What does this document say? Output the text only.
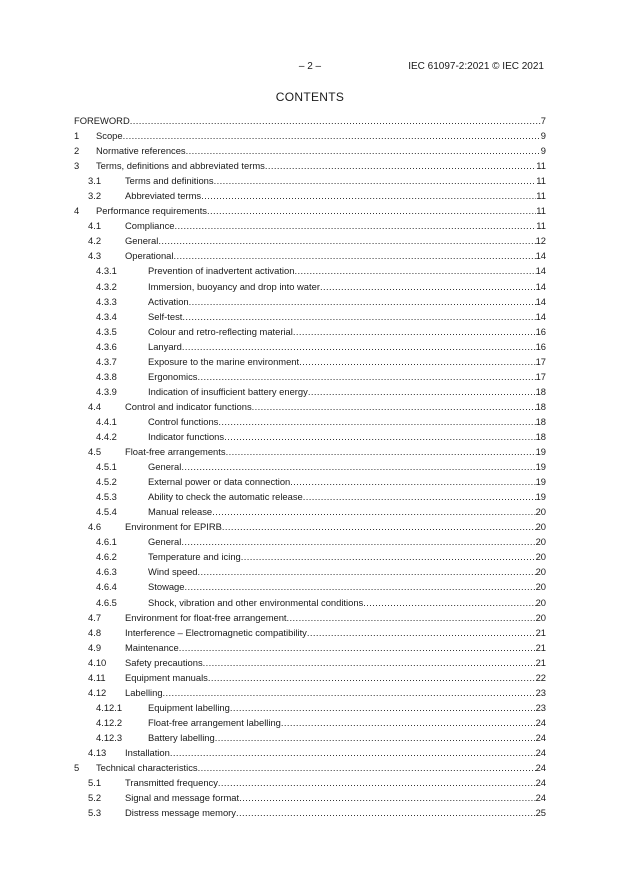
– 2 –	IEC 61097-2:2021 © IEC 2021
CONTENTS
FOREWORD .....	7
1 Scope .....	9
2 Normative references .....	9
3 Terms, definitions and abbreviated terms .....	11
3.1	Terms and definitions .....	11
3.2	Abbreviated terms .....	11
4 Performance requirements .....	11
4.1	Compliance .....	11
4.2	General .....	12
4.3	Operational .....	14
4.3.1	Prevention of inadvertent activation .....	14
4.3.2	Immersion, buoyancy and drop into water .....	14
4.3.3	Activation .....	14
4.3.4	Self-test .....	14
4.3.5	Colour and retro-reflecting material .....	16
4.3.6	Lanyard .....	16
4.3.7	Exposure to the marine environment .....	17
4.3.8	Ergonomics .....	17
4.3.9	Indication of insufficient battery energy .....	18
4.4	Control and indicator functions .....	18
4.4.1	Control functions .....	18
4.4.2	Indicator functions .....	18
4.5	Float-free arrangements .....	19
4.5.1	General .....	19
4.5.2	External power or data connection .....	19
4.5.3	Ability to check the automatic release .....	19
4.5.4	Manual release .....	20
4.6	Environment for EPIRB .....	20
4.6.1	General .....	20
4.6.2	Temperature and icing .....	20
4.6.3	Wind speed .....	20
4.6.4	Stowage .....	20
4.6.5	Shock, vibration and other environmental conditions .....	20
4.7	Environment for float-free arrangement .....	20
4.8	Interference – Electromagnetic compatibility .....	21
4.9	Maintenance .....	21
4.10 Safety precautions .....	21
4.11 Equipment manuals .....	22
4.12 Labelling .....	23
4.12.1	Equipment labelling .....	23
4.12.2	Float-free arrangement labelling .....	24
4.12.3	Battery labelling .....	24
4.13 Installation .....	24
5 Technical characteristics .....	24
5.1	Transmitted frequency .....	24
5.2	Signal and message format .....	24
5.3	Distress message memory .....	25
